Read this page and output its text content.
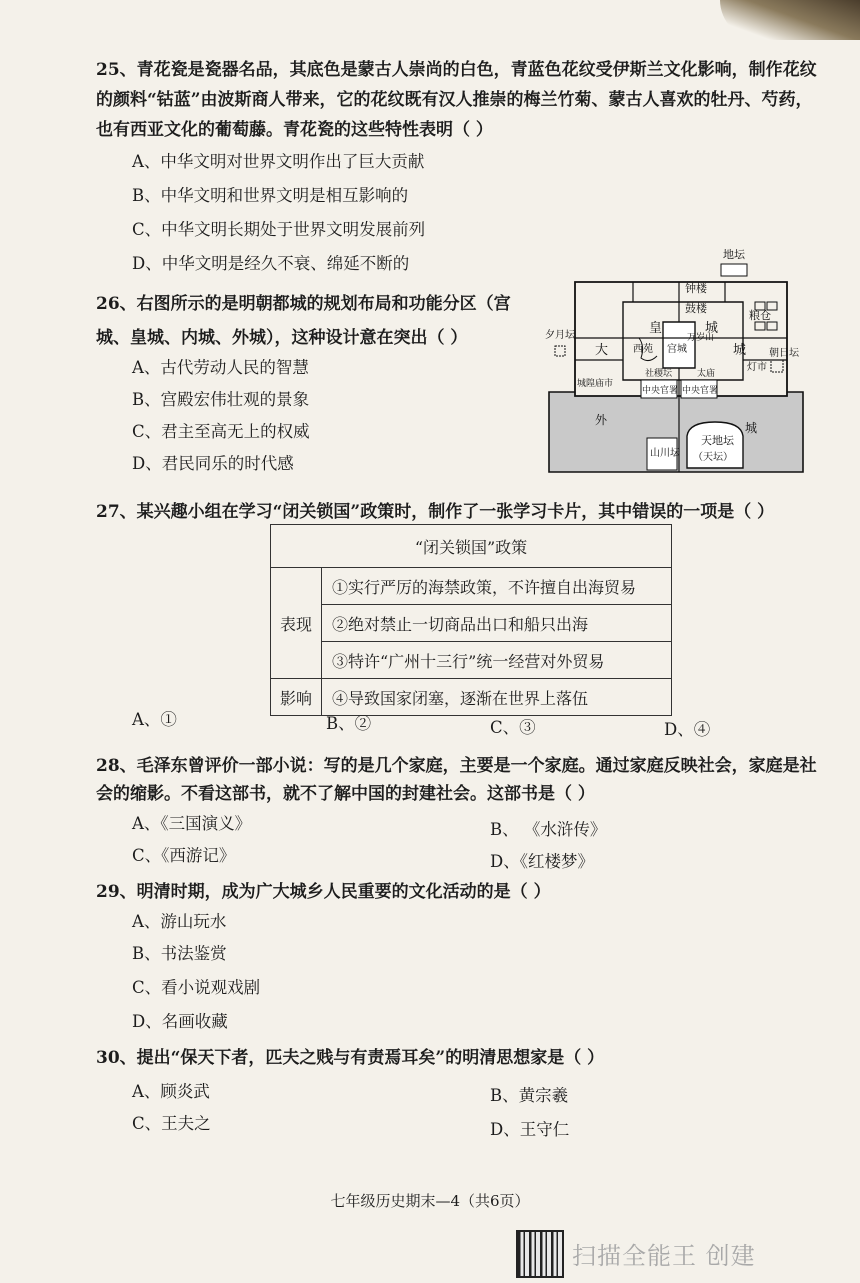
25、青花瓷是瓷器名品，其底色是蒙古人崇尚的白色，青蓝色花纹受伊斯兰文化影响，制作花纹
的颜料“钴蓝”由波斯商人带来，它的花纹既有汉人推崇的梅兰竹菊、蒙古人喜欢的牡丹、芍药，
也有西亚文化的葡萄藤。青花瓷的这些特性表明（ ）
A、中华文明对世界文明作出了巨大贡献
B、中华文明和世界文明是相互影响的
C、中华文明长期处于世界文明发展前列
D、中华文明是经久不衰、绵延不断的
26、右图所示的是明朝都城的规划布局和功能分区（宫
城、皇城、内城、外城），这种设计意在突出（ ）
A、古代劳动人民的智慧
B、宫殿宏伟壮观的景象
C、君主至高无上的权威
D、君民同乐的时代感
地坛
钟楼
鼓楼
粮仓
夕月坛
朝日坛
皇	城
万岁山
西苑 宫城
大	城
灯市
社稷坛	太庙
城隍庙市
中央官署 中央官署
外
城
山川坛
天地坛
（天坛）
27、某兴趣小组在学习“闭关锁国”政策时，制作了一张学习卡片，其中错误的一项是（ ）
“闭关锁国”政策	
表现	①实行严厉的海禁政策，不许擅自出海贸易
	②绝对禁止一切商品出口和船只出海
	③特许“广州十三行”统一经营对外贸易
影响	④导致国家闭塞，逐渐在世界上落伍
A、①	B、②	C、③	D、④
28、毛泽东曾评价一部小说：写的是几个家庭，主要是一个家庭。通过家庭反映社会，家庭是社
会的缩影。不看这部书，就不了解中国的封建社会。这部书是（ ）
A、《三国演义》	B、 《水浒传》
C、《西游记》	D、《红楼梦》
29、明清时期，成为广大城乡人民重要的文化活动的是（ ）
A、游山玩水
B、书法鉴赏
C、看小说观戏剧
D、名画收藏
30、提出“保天下者，匹夫之贱与有责焉耳矣”的明清思想家是（ ）
A、顾炎武	B、黄宗羲
C、王夫之	D、王守仁
七年级历史期末—4（共6页）
扫描全能王 创建
